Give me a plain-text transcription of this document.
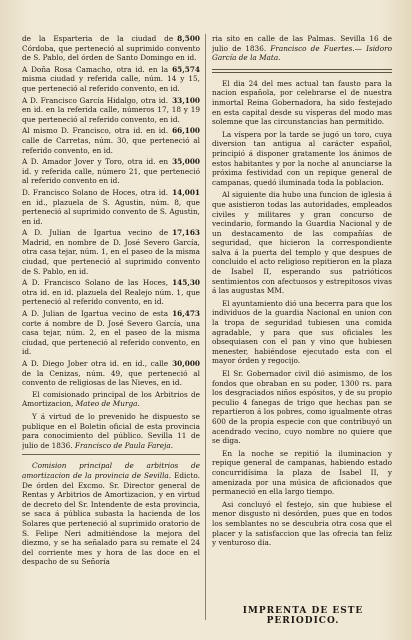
8,500
de la Esparteria de la ciudad de Córdoba, que perteneció al suprimido convento de S. Pablo, del órden de Santo Domingo en id.
65,574
A Doña Rosa Camacho, otra id. en la misma ciudad y referida calle, núm. 14 y 15, que perteneció al referido convento, en id.
33,100
A D. Francisco García Hidalgo, otra id. en id. en la referida calle, números 17, 18 y 19 que perteneció al referido convento, en id.
66,100
Al mismo D. Francisco, otra id. en id. calle de Carretas, núm. 30, que perteneció al referido convento, en id.
35,000
A D. Amador Jover y Toro, otra id. en id. y referida calle, número 21, que perteneció al referido convento en id.
14,001
D. Francisco Solano de Hoces, otra id. en id., plazuela de S. Agustin, núm. 8, que perteneció al suprimido convento de S. Agustin, en id.
17,163
A D. Julian de Igartua vecino de Madrid, en nombre de D. José Severo García, otra casa tejar, núm. 1, en el paseo de la misma ciudad, que perteneció al suprimido convento de S. Pablo, en id.
145,30
A D. Francisco Solano de las Hoces, otra id. en id. plazuela del Realejo núm. 1, que perteneció al referido convento, en id.
16,473
A D. Julian de Igartua vecino de esta corte á nombre de D. José Severo García, una casa tejar, núm. 2, en el paseo de la misma ciudad, que perteneció al referido convento, en id.
30,000
A D. Diego Jober otra id. en id., calle de la Cenizas, núm. 49, que perteneció al convento de religiosas de las Nieves, en id.

El comisionado principal de los Arbitrios de Amortizacion, Mateo de Murga.

Y á virtud de lo prevenido he dispuesto se publique en el Boletin oficial de esta provincia para conocimiento del público. Sevilla 11 de julio de 1836. Francisco de Paula Fareja.

Comision principal de arbitrios de amortizacion de la provincia de Sevilla. Edicto. De órden del Excmo. Sr. Director general de Rentas y Arbitrios de Amortizacion, y en virtud de decreto del Sr. Intendente de esta provincia, se saca á pública subasta la hacienda de los Solares que perteneció al suprimido oratorio de S. Felipe Neri admitiéndose la mejora del diezmo, y se ha señalado para su remate el 24 del corriente mes y hora de las doce en el despacho de su Señoría

ria sito en calle de las Palmas. Sevilla 16 de julio de 1836. Francisco de Fuertes.— Isidoro García de la Mata.

El dia 24 del mes actual tan fausto para la nacion española, por celebrarse el de nuestra inmortal Reina Gobernadora, ha sido festejado en esta capital desde su vísperas del modo mas solemne que las circunstancias han permitido.

La víspera por la tarde se jugó un toro, cuya diversion tan antigua al carácter español, principió á disponer gratamente los ánimos de estos habitantes y por la noche al anunciarse la próxima festividad con un repique general de campanas, quedó iluminada toda la poblacion.

Al siguiente dia hubo una funcion de iglesia á que asistieron todas las autoridades, empleados civiles y militares y gran concurso de vecindario, formando la Guardia Nacional y de un destacamento de las compañías de seguridad, que hicieron la correspondiente salva á la puerta del templo y que despues de concluido el acto religioso repitieron en la plaza de Isabel II, esperando sus patrióticos sentimientos con afectuosos y estrepitosos vivas á las augustas MM.

El ayuntamiento dió una becerra para que los individuos de la guardia Nacional en union con la tropa de seguridad tubiesen una comida agradable, y para que sus oficiales les obsequiasen con el pan y vino que hubiesen menester, habiéndose ejecutado esta con el mayor órden y regocijo.

El Sr. Gobernador civil dió asimismo, de los fondos que obraban en su poder, 1300 rs. para los desgraciados niños espósitos, y de su propio peculio 4 fanegas de trigo que hechas pan se repartieron á los pobres, como igualmente otras 600 de la propia especie con que contribuyó un acendrado vecino, cuyo nombre no quiere que se diga.

En la noche se repitió la iluminacion y repique general de campanas, habiendo estado concurridísima la plaza de Isabel II, y amenizada por una música de aficionados que permaneció en ella largo tiempo.

Asi concluyó el festejo, sin que hubiese el menor disgusto ni desórden, pues que en todos los semblantes no se descubria otra cosa que el placer y la satisfaccion que las ofrecia tan feliz y venturoso dia.

IMPRENTA DE ESTE PERIODICO.
